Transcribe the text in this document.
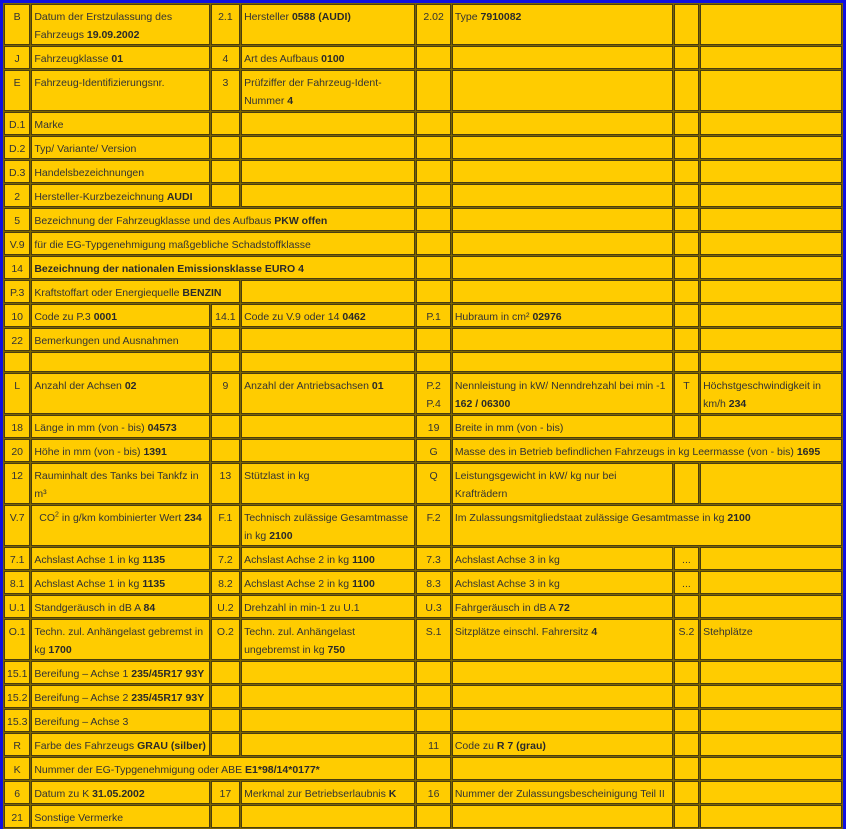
B	Datum der Erstzulassung des Fahrzeugs 19.09.2002	2.1	Hersteller 0588 (AUDI)	2.02	Type 7910082		
J	Fahrzeugklasse 01	4	Art des Aufbaus 0100				
E	Fahrzeug-Identifizierungsnr.	3	Prüfziffer der Fahrzeug-Ident-Nummer 4				
D.1	Marke						
D.2	Typ/ Variante/ Version						
D.3	Handelsbezeichnungen						
2	Hersteller-Kurzbezeichnung AUDI						
5	Bezeichnung der Fahrzeugklasse und des Aufbaus PKW offen						
V.9	für die EG-Typgenehmigung maßgebliche Schadstoffklasse						
14	Bezeichnung der nationalen Emissionsklasse EURO 4						
P.3	Kraftstoffart oder Energiequelle BENZIN						
10	Code zu P.3 0001	14.1	Code zu V.9 oder 14 0462	P.1	Hubraum in cm² 02976		
22	Bemerkungen und Ausnahmen						

L	Anzahl der Achsen 02	9	Anzahl der Antriebsachsen 01	P.2 P.4	Nennleistung in kW/ Nenndrehzahl bei min -1 162 / 06300	T	Höchstgeschwindigkeit in km/h 234
18	Länge in mm (von - bis) 04573			19	Breite in mm (von - bis)		
20	Höhe in mm (von - bis) 1391			G	Masse des in Betrieb befindlichen Fahrzeugs in kg Leermasse (von - bis) 1695		
12	Rauminhalt des Tanks bei Tankfz in m³	13	Stützlast in kg	Q	Leistungsgewicht in kW/ kg nur bei Krafträdern		
V.7	$CO^2$ in g/km kombinierter Wert 234	F.1	Technisch zulässige Gesamtmasse in kg 2100	F.2	Im Zulassungsmitgliedstaat zulässige Gesamtmasse in kg 2100		
7.1	Achslast Achse 1 in kg 1135	7.2	Achslast Achse 2 in kg 1100	7.3	Achslast Achse 3 in kg	...	
8.1	Achslast Achse 1 in kg 1135	8.2	Achslast Achse 2 in kg 1100	8.3	Achslast Achse 3 in kg	...	
U.1	Standgeräusch in dB A 84	U.2	Drehzahl in min-1 zu U.1	U.3	Fahrgeräusch in dB A 72		
O.1	Techn. zul. Anhängelast gebremst in kg 1700	O.2	Techn. zul. Anhängelast ungebremst in kg 750	S.1	Sitzplätze einschl. Fahrersitz 4	S.2	Stehplätze
15.1	Bereifung – Achse 1 235/45R17 93Y						
15.2	Bereifung – Achse 2 235/45R17 93Y						
15.3	Bereifung – Achse 3						
R	Farbe des Fahrzeugs GRAU (silber)			11	Code zu R 7 (grau)		
K	Nummer der EG-Typgenehmigung oder ABE E1*98/14*0177*						
6	Datum zu K 31.05.2002	17	Merkmal zur Betriebserlaubnis K	16	Nummer der Zulassungsbescheinigung Teil II		
21	Sonstige Vermerke						
